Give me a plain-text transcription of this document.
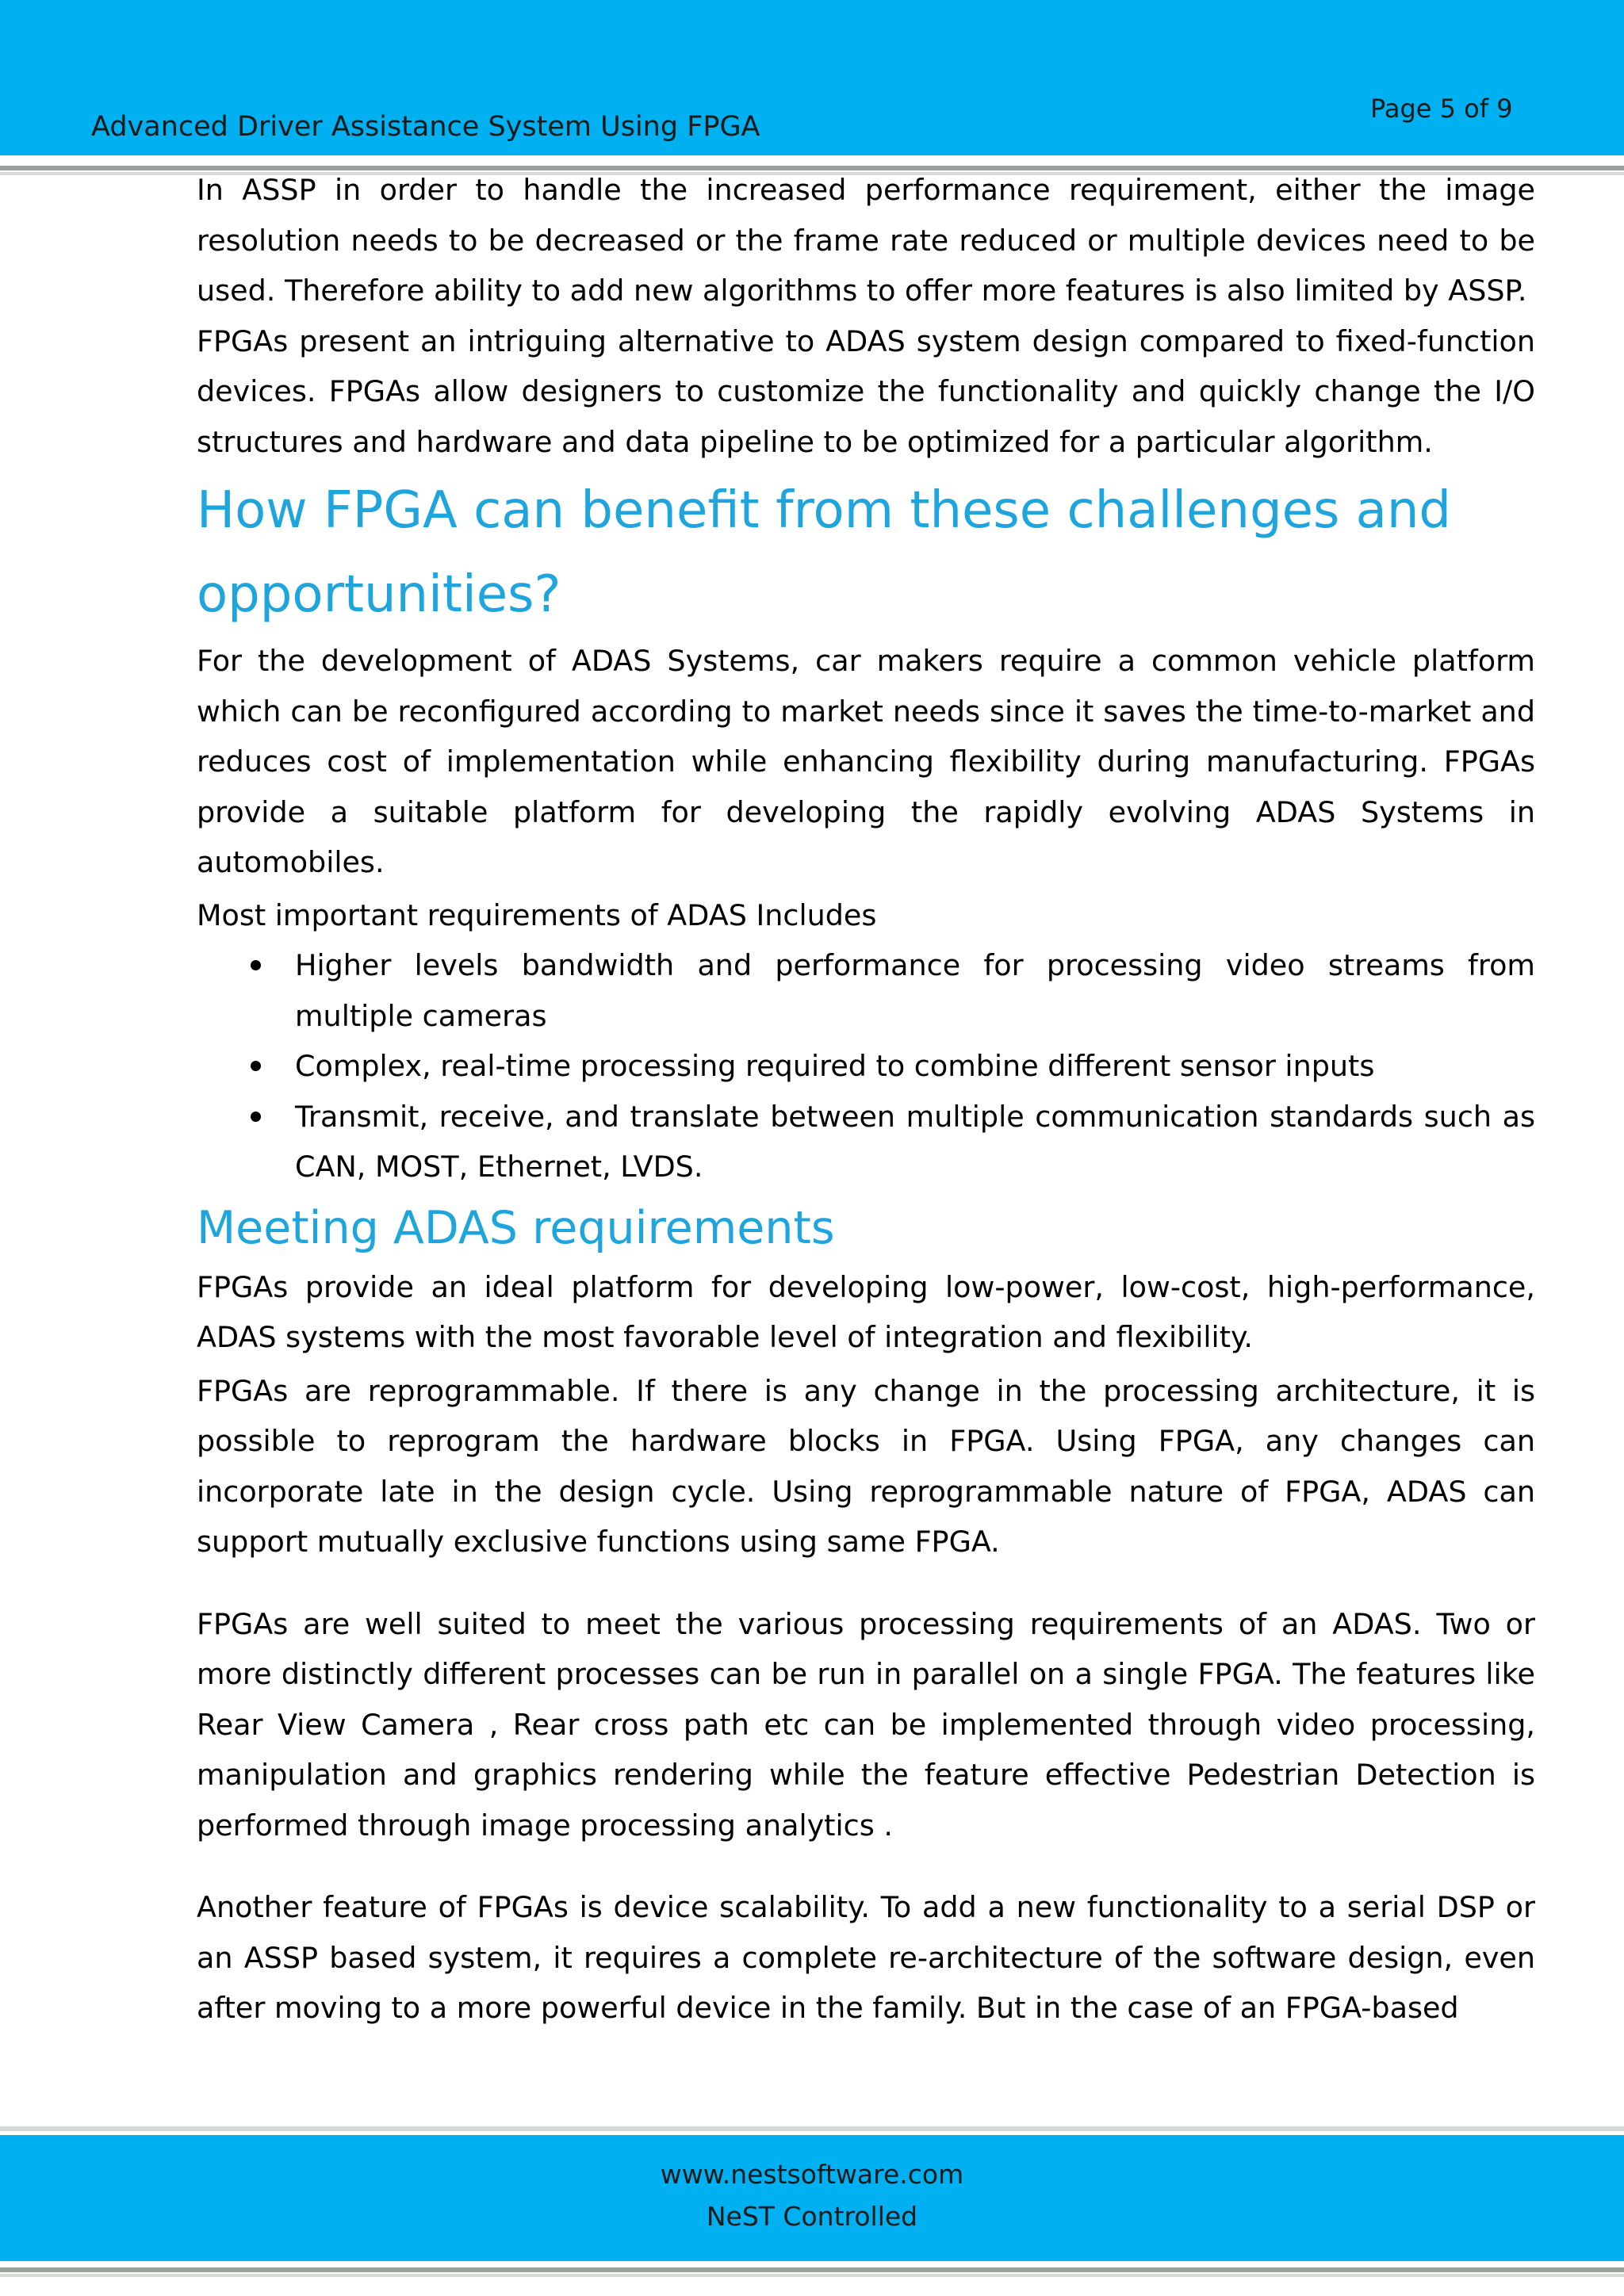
Advanced Driver Assistance System Using FPGA
Page 5 of 9

In ASSP in order to handle the increased performance requirement, either the image resolution needs to be decreased or the frame rate reduced or multiple devices need to be used. Therefore ability to add new algorithms to offer more features is also limited by ASSP.

FPGAs present an intriguing alternative to ADAS system design compared to fixed-function devices. FPGAs allow designers to customize the functionality and quickly change the I/O structures and hardware and data pipeline to be optimized for a particular algorithm.

How FPGA can benefit from these challenges and opportunities?

For the development of ADAS Systems, car makers require a common vehicle platform which can be reconfigured according to market needs since it saves the time-to-market and reduces cost of implementation while enhancing flexibility during manufacturing. FPGAs provide a suitable platform for developing the rapidly evolving ADAS Systems in automobiles.

Most important requirements of ADAS Includes

Higher levels bandwidth and performance for processing video streams from multiple cameras
Complex, real-time processing required to combine different sensor inputs
Transmit, receive, and translate between multiple communication standards such as CAN, MOST, Ethernet, LVDS.
Meeting ADAS requirements

FPGAs provide an ideal platform for developing low-power, low-cost, high-performance, ADAS systems with the most favorable level of integration and flexibility.

FPGAs are reprogrammable. If there is any change in the processing architecture, it is possible to reprogram the hardware blocks in FPGA. Using FPGA, any changes can incorporate late in the design cycle. Using reprogrammable nature of FPGA, ADAS can support mutually exclusive functions using same FPGA.

FPGAs are well suited to meet the various processing requirements of an ADAS. Two or more distinctly different processes can be run in parallel on a single FPGA. The features like Rear View Camera , Rear cross path etc can be implemented through video processing, manipulation and graphics rendering while the feature effective Pedestrian Detection is performed through image processing analytics .

Another feature of FPGAs is device scalability. To add a new functionality to a serial DSP or an ASSP based system, it requires a complete re-architecture of the software design, even after moving to a more powerful device in the family. But in the case of an FPGA-based

www.nestsoftware.com
NeST Controlled
